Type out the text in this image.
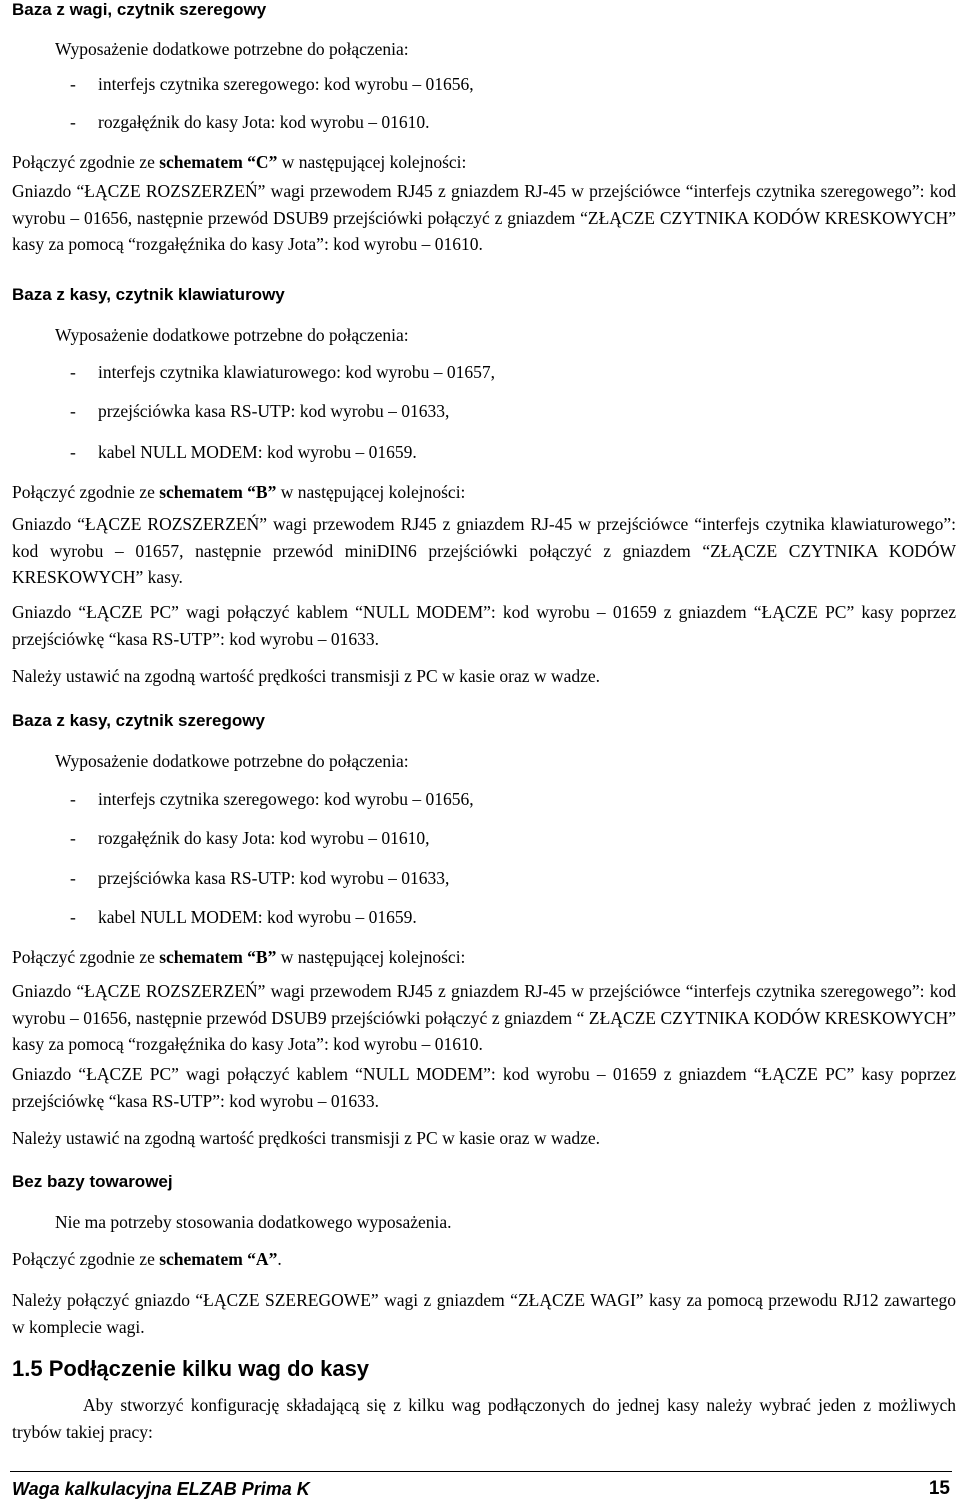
Baza z wagi, czytnik szeregowy
Wyposażenie dodatkowe potrzebne do połączenia:
- interfejs czytnika szeregowego: kod wyrobu – 01656,
- rozgałęźnik do kasy Jota: kod wyrobu – 01610.
Połączyć zgodnie ze schematem “C” w następującej kolejności:
Gniazdo “ŁĄCZE ROZSZERZEŃ” wagi przewodem RJ45 z gniazdem RJ-45 w przejściówce “interfejs czytnika szeregowego”: kod wyrobu – 01656, następnie przewód DSUB9 przejściówki połączyć z gniazdem “ZŁĄCZE CZYTNIKA KODÓW KRESKOWYCH” kasy za pomocą “rozgałęźnika do kasy Jota”: kod wyrobu – 01610.
Baza z kasy, czytnik klawiaturowy
Wyposażenie dodatkowe potrzebne do połączenia:
- interfejs czytnika klawiaturowego: kod wyrobu – 01657,
- przejściówka kasa RS-UTP: kod wyrobu – 01633,
- kabel NULL MODEM: kod wyrobu – 01659.
Połączyć zgodnie ze schematem “B” w następującej kolejności:
Gniazdo “ŁĄCZE ROZSZERZEŃ” wagi przewodem RJ45 z gniazdem RJ-45 w przejściówce “interfejs czytnika klawiaturowego”: kod wyrobu – 01657, następnie przewód miniDIN6 przejściówki połączyć z gniazdem “ZŁĄCZE CZYTNIKA KODÓW KRESKOWYCH” kasy.
Gniazdo “ŁĄCZE PC” wagi połączyć kablem “NULL MODEM”: kod wyrobu – 01659 z gniazdem “ŁĄCZE PC” kasy poprzez przejściówkę “kasa RS-UTP”: kod wyrobu – 01633.
Należy ustawić na zgodną wartość prędkości transmisji z PC w kasie oraz w wadze.
Baza z kasy, czytnik szeregowy
Wyposażenie dodatkowe potrzebne do połączenia:
- interfejs czytnika szeregowego: kod wyrobu – 01656,
- rozgałęźnik do kasy Jota: kod wyrobu – 01610,
- przejściówka kasa RS-UTP: kod wyrobu – 01633,
- kabel NULL MODEM: kod wyrobu – 01659.
Połączyć zgodnie ze schematem “B” w następującej kolejności:
Gniazdo “ŁĄCZE ROZSZERZEŃ” wagi przewodem RJ45 z gniazdem RJ-45 w przejściówce “interfejs czytnika szeregowego”: kod wyrobu – 01656, następnie przewód DSUB9 przejściówki połączyć z gniazdem “ ZŁĄCZE CZYTNIKA KODÓW KRESKOWYCH” kasy za pomocą “rozgałęźnika do kasy Jota”: kod wyrobu – 01610.
Gniazdo “ŁĄCZE PC” wagi połączyć kablem “NULL MODEM”: kod wyrobu – 01659 z gniazdem “ŁĄCZE PC” kasy poprzez przejściówkę “kasa RS-UTP”: kod wyrobu – 01633.
Należy ustawić na zgodną wartość prędkości transmisji z PC w kasie oraz w wadze.
Bez bazy towarowej
Nie ma potrzeby stosowania dodatkowego wyposażenia.
Połączyć zgodnie ze schematem “A”.
Należy połączyć gniazdo “ŁĄCZE SZEREGOWE” wagi z gniazdem “ZŁĄCZE WAGI” kasy za pomocą przewodu RJ12 zawartego w komplecie wagi.
1.5 Podłączenie kilku wag do kasy
Aby stworzyć konfigurację składającą się z kilku wag podłączonych do jednej kasy należy wybrać jeden z możliwych trybów takiej pracy:
Waga kalkulacyjna ELZAB Prima K	15
